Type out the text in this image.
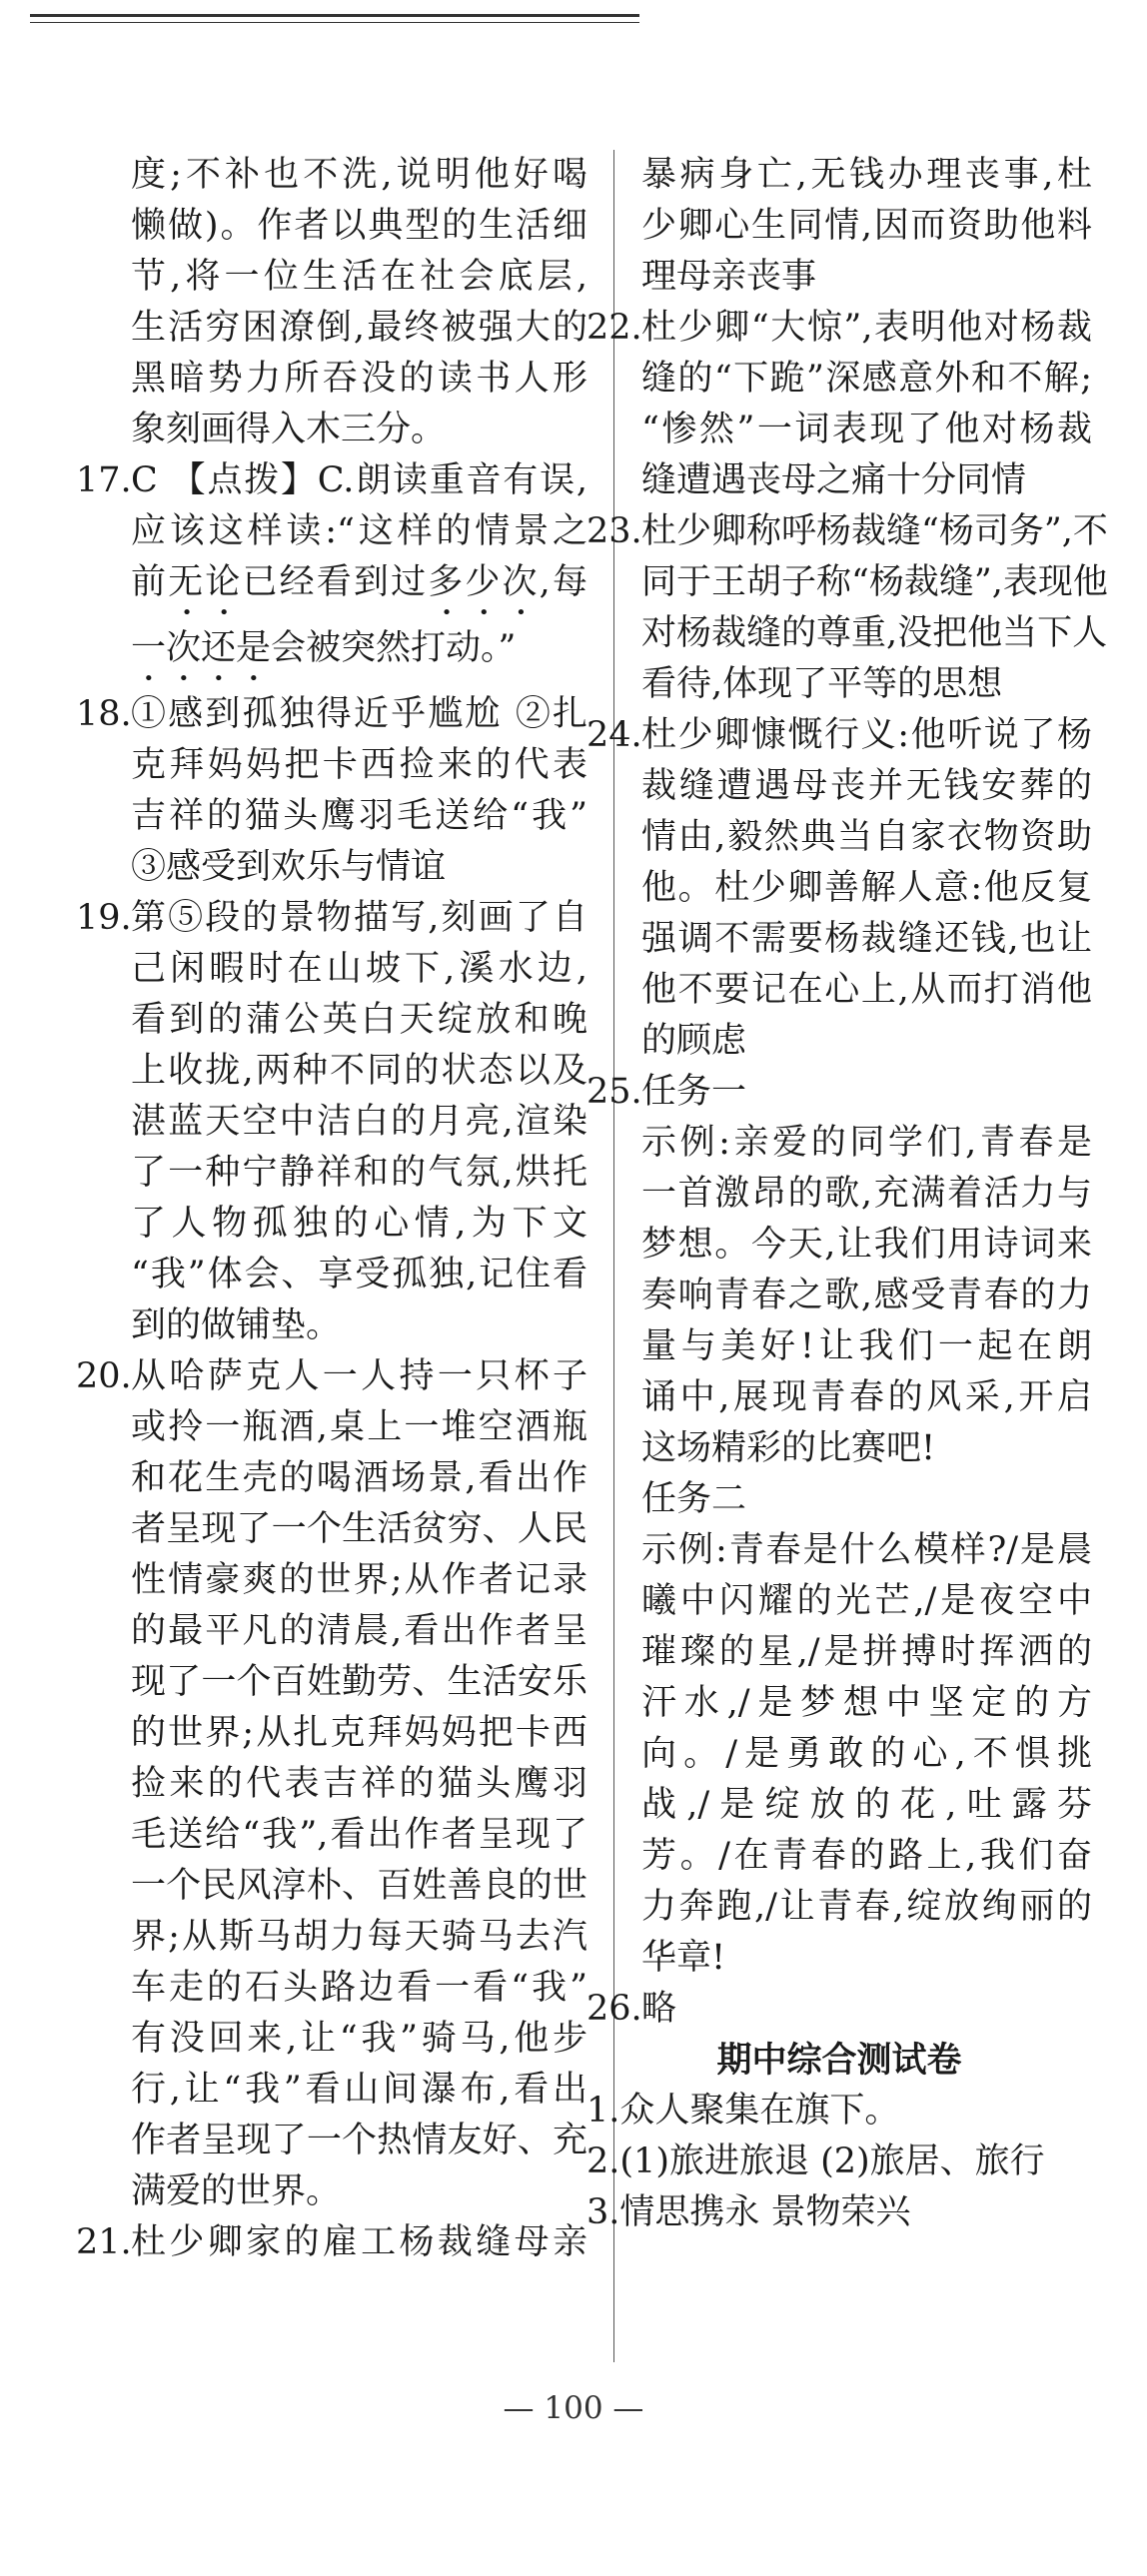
度;不补也不洗,说明他好喝
懒做)。作者以典型的生活细
节,将一位生活在社会底层,
生活穷困潦倒,最终被强大的
黑暗势力所吞没的读书人形
象刻画得入木三分。
17. C 【点拨】C.朗读重音有误,
应该这样读:“这样的情景之
前无论已经看到过多少次,每
一次还是会被突然打动。”
18. ①感到孤独得近乎尴尬 ②扎
克拜妈妈把卡西捡来的代表
吉祥的猫头鹰羽毛送给“我”
③感受到欢乐与情谊
19. 第⑤段的景物描写,刻画了自
己闲暇时在山坡下,溪水边,
看到的蒲公英白天绽放和晚
上收拢,两种不同的状态以及
湛蓝天空中洁白的月亮,渲染
了一种宁静祥和的气氛,烘托
了人物孤独的心情,为下文
“我”体会、享受孤独,记住看
到的做铺垫。
20. 从哈萨克人一人持一只杯子
或拎一瓶酒,桌上一堆空酒瓶
和花生壳的喝酒场景,看出作
者呈现了一个生活贫穷、人民
性情豪爽的世界;从作者记录
的最平凡的清晨,看出作者呈
现了一个百姓勤劳、生活安乐
的世界;从扎克拜妈妈把卡西
捡来的代表吉祥的猫头鹰羽
毛送给“我”,看出作者呈现了
一个民风淳朴、百姓善良的世
界;从斯马胡力每天骑马去汽
车走的石头路边看一看“我”
有没回来,让“我”骑马,他步
行,让“我”看山间瀑布,看出
作者呈现了一个热情友好、充
满爱的世界。
21. 杜少卿家的雇工杨裁缝母亲
暴病身亡,无钱办理丧事,杜
少卿心生同情,因而资助他料
理母亲丧事
22. 杜少卿“大惊”,表明他对杨裁
缝的“下跪”深感意外和不解;
“惨然”一词表现了他对杨裁
缝遭遇丧母之痛十分同情
23. 杜少卿称呼杨裁缝“杨司务”,不
同于王胡子称“杨裁缝”,表现他
对杨裁缝的尊重,没把他当下人
看待,体现了平等的思想
24. 杜少卿慷慨行义:他听说了杨
裁缝遭遇母丧并无钱安葬的
情由,毅然典当自家衣物资助
他。杜少卿善解人意:他反复
强调不需要杨裁缝还钱,也让
他不要记在心上,从而打消他
的顾虑
25. 任务一
示例:亲爱的同学们,青春是
一首激昂的歌,充满着活力与
梦想。今天,让我们用诗词来
奏响青春之歌,感受青春的力
量与美好!让我们一起在朗
诵中,展现青春的风采,开启
这场精彩的比赛吧!
任务二
示例:青春是什么模样?/是晨
曦中闪耀的光芒,/是夜空中
璀璨的星,/是拼搏时挥洒的
汗水,/是梦想中坚定的方
向。/是勇敢的心,不惧挑
战,/是绽放的花,吐露芬
芳。/在青春的路上,我们奋
力奔跑,/让青春,绽放绚丽的
华章!
26. 略
期中综合测试卷
1.众人聚集在旗下。
2.(1)旅进旅退 (2)旅居、旅行
3.情思携永 景物荣兴
— 100 —
